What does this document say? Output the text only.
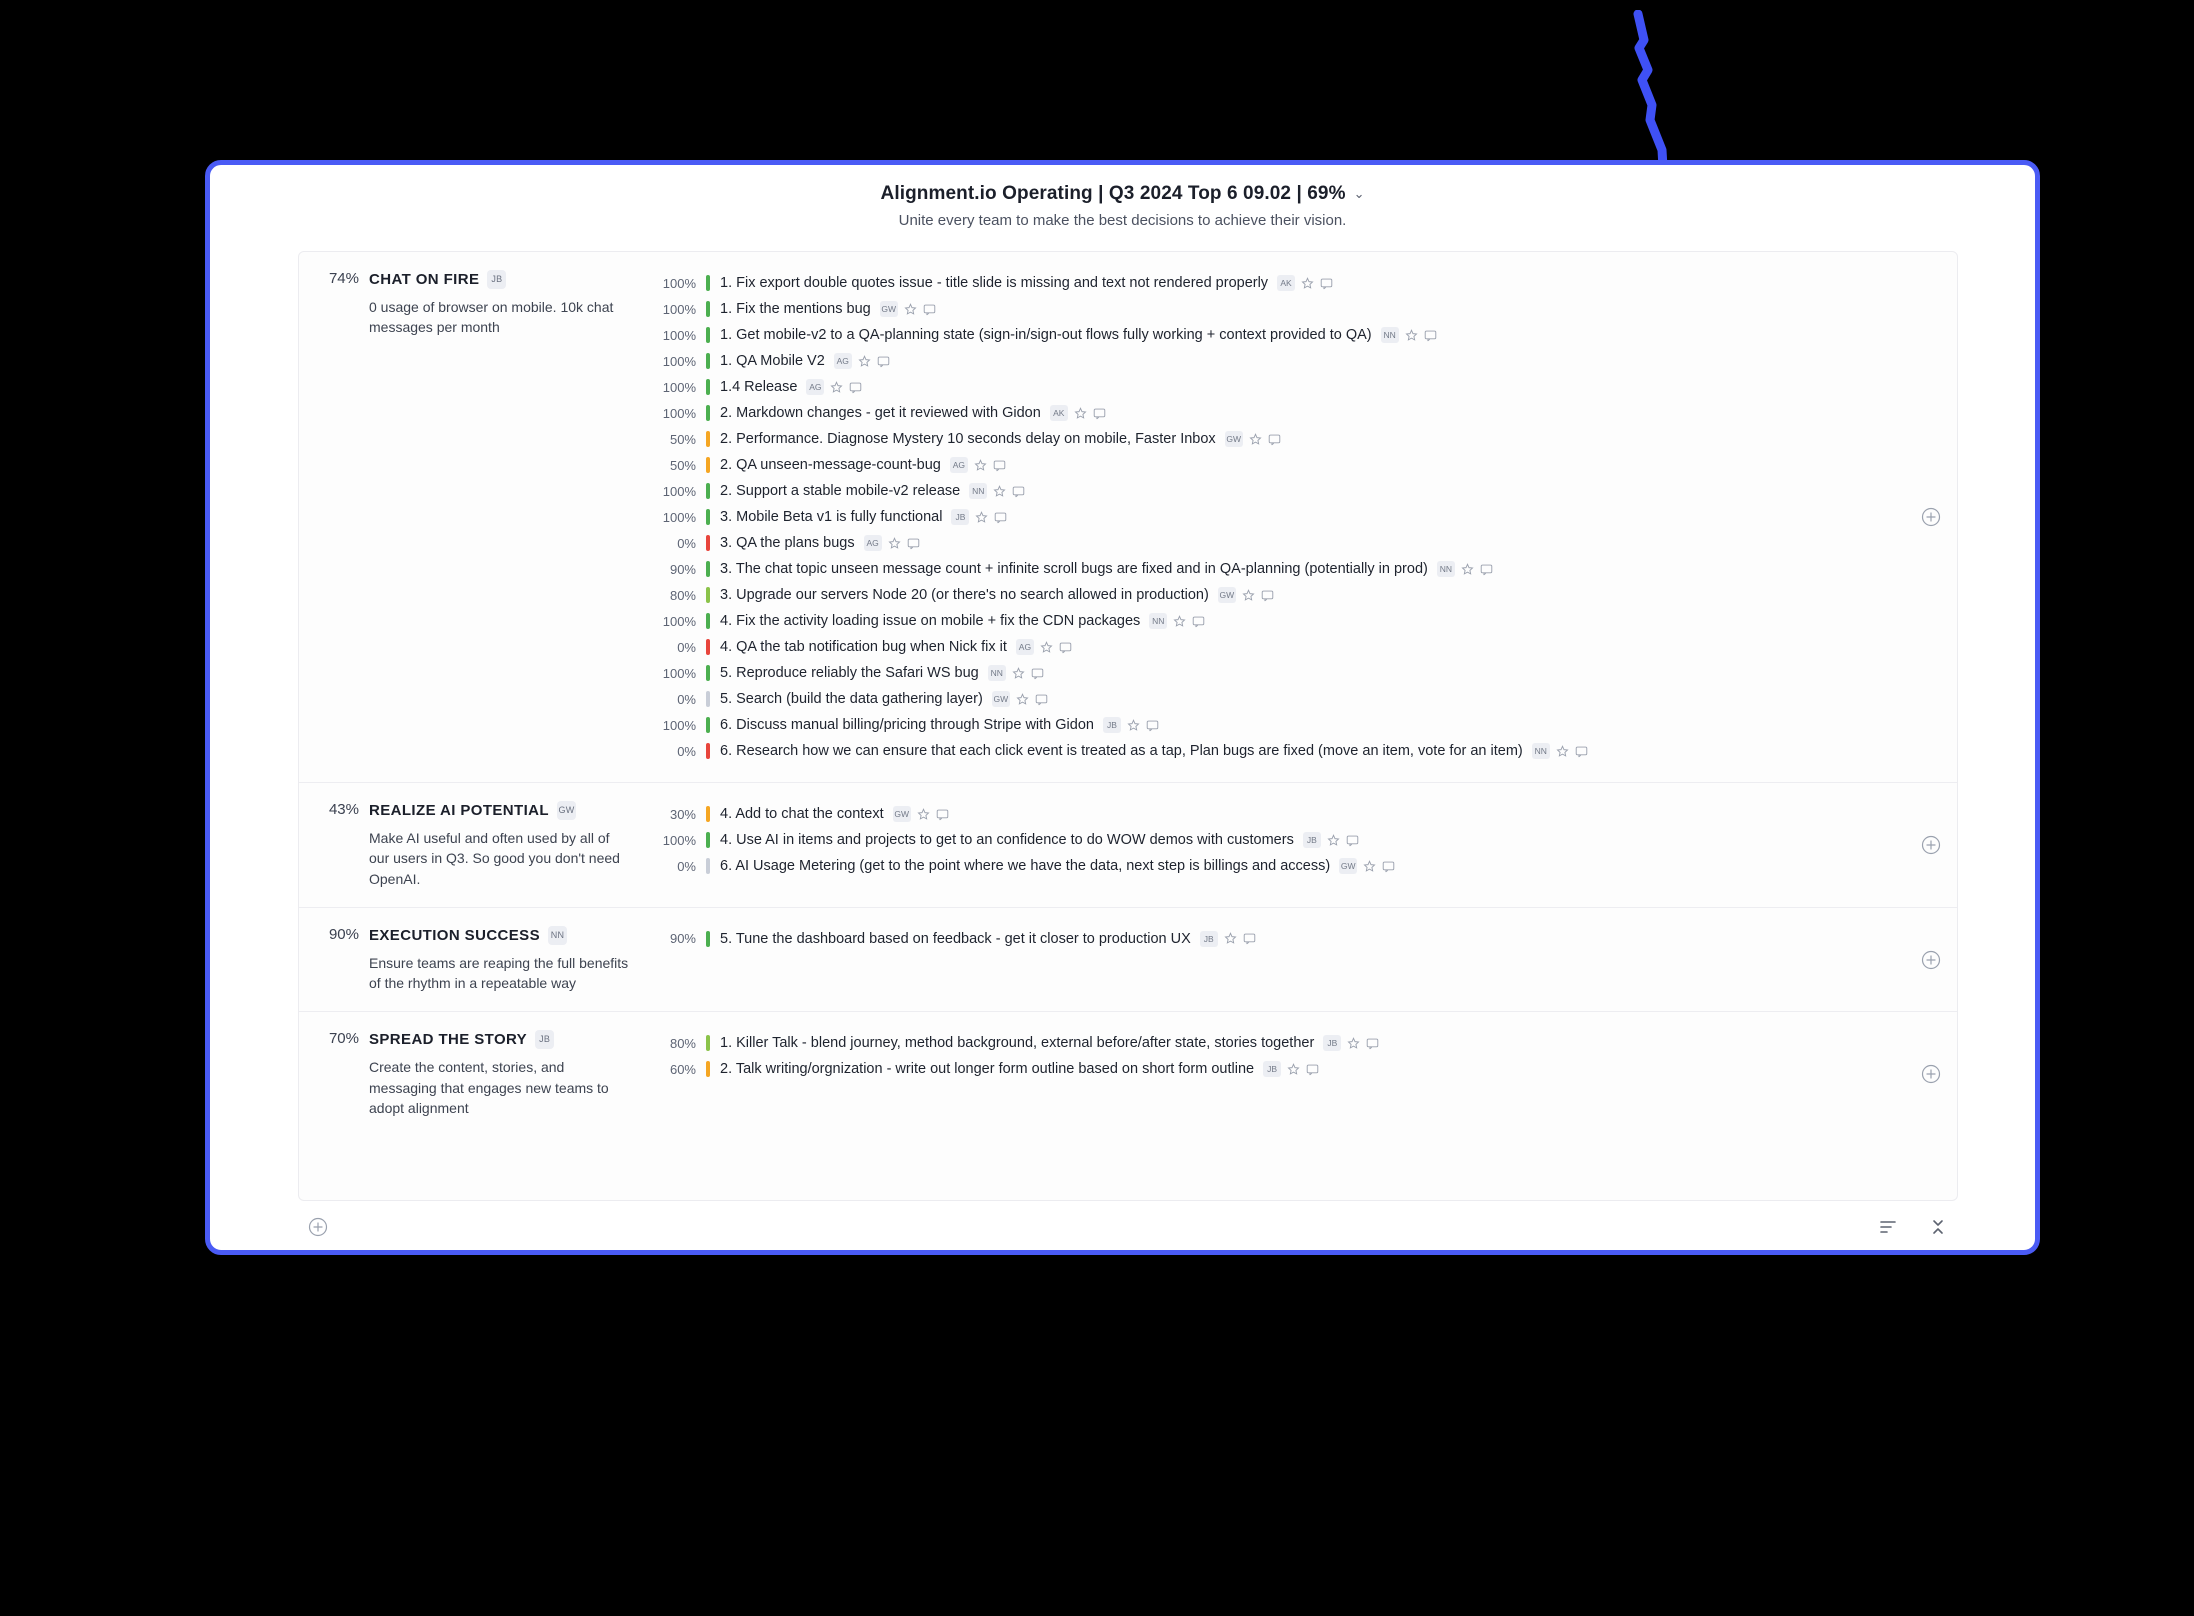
Alignment.io Operating | Q3 2024 Top 6 09.02 | 69% ⌄
Unite every team to make the best decisions to achieve their vision.
74% CHAT ON FIRE JB
0 usage of browser on mobile. 10k chat messages per month
100%	1. Fix export double quotes issue - title slide is missing and text not rendered properly	AK
100%	1. Fix the mentions bug GW
100%	1. Get mobile-v2 to a QA-planning state (sign-in/sign-out flows fully working + context provided to QA)	NN
100%	1. QA Mobile V2	AG
100%	1.4 Release	AG
100%	2. Markdown changes - get it reviewed with Gidon	AK
50%	2. Performance. Diagnose Mystery 10 seconds delay on mobile, Faster Inbox GW
50%	2. QA unseen-message-count-bug	AG
100%	2. Support a stable mobile-v2 release	NN
100%	3. Mobile Beta v1 is fully functional	JB
0%	3. QA the plans bugs	AG
90%	3. The chat topic unseen message count + infinite scroll bugs are fixed and in QA-planning (potentially in prod)	NN
80%	3. Upgrade our servers Node 20 (or there's no search allowed in production) GW
100%	4. Fix the activity loading issue on mobile + fix the CDN packages	NN
0%	4. QA the tab notification bug when Nick fix it	AG
100%	5. Reproduce reliably the Safari WS bug	NN
0%	5. Search (build the data gathering layer) GW
100%	6. Discuss manual billing/pricing through Stripe with Gidon	JB
0%	6. Research how we can ensure that each click event is treated as a tap, Plan bugs are fixed (move an item, vote for an item)	NN
43% REALIZE AI POTENTIAL GW
Make AI useful and often used by all of our users in Q3. So good you don't need OpenAI.
30%	4. Add to chat the context GW
100%	4. Use AI in items and projects to get to an confidence to do WOW demos with customers	JB
0%	6. AI Usage Metering (get to the point where we have the data, next step is billings and access) GW
90% EXECUTION SUCCESS NN
Ensure teams are reaping the full benefits of the rhythm in a repeatable way
90%	5. Tune the dashboard based on feedback - get it closer to production UX	JB
70% SPREAD THE STORY JB
Create the content, stories, and messaging that engages new teams to adopt alignment
80%	1. Killer Talk - blend journey, method background, external before/after state, stories together	JB
60%	2. Talk writing/orgnization - write out longer form outline based on short form outline	JB
